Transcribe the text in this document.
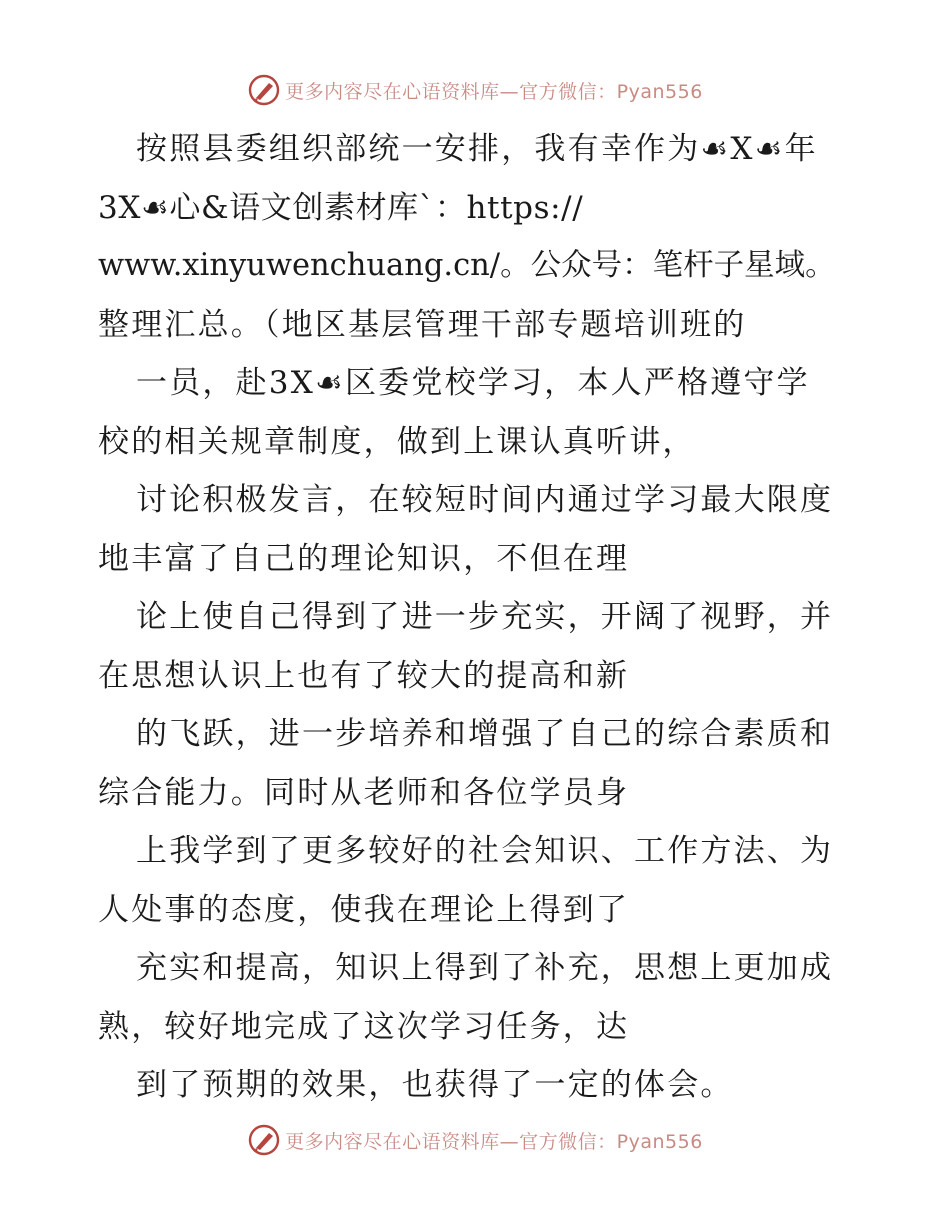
更多内容尽在心语资料库—官方微信：Pyan556
按照县委组织部统一安排，我有幸作为☙X☙年
3X☙心&语文创素材库`：https://
www.xinyuwenchuang.cn/。公众号：笔杆子星域。
整理汇总。（地区基层管理干部专题培训班的
一员，赴3X☙区委党校学习，本人严格遵守学
校的相关规章制度，做到上课认真听讲，
讨论积极发言，在较短时间内通过学习最大限度
地丰富了自己的理论知识，不但在理
论上使自己得到了进一步充实，开阔了视野，并
在思想认识上也有了较大的提高和新
的飞跃，进一步培养和增强了自己的综合素质和
综合能力。同时从老师和各位学员身
上我学到了更多较好的社会知识、工作方法、为
人处事的态度，使我在理论上得到了
充实和提高，知识上得到了补充，思想上更加成
熟，较好地完成了这次学习任务，达
到了预期的效果，也获得了一定的体会。
更多内容尽在心语资料库—官方微信：Pyan556
